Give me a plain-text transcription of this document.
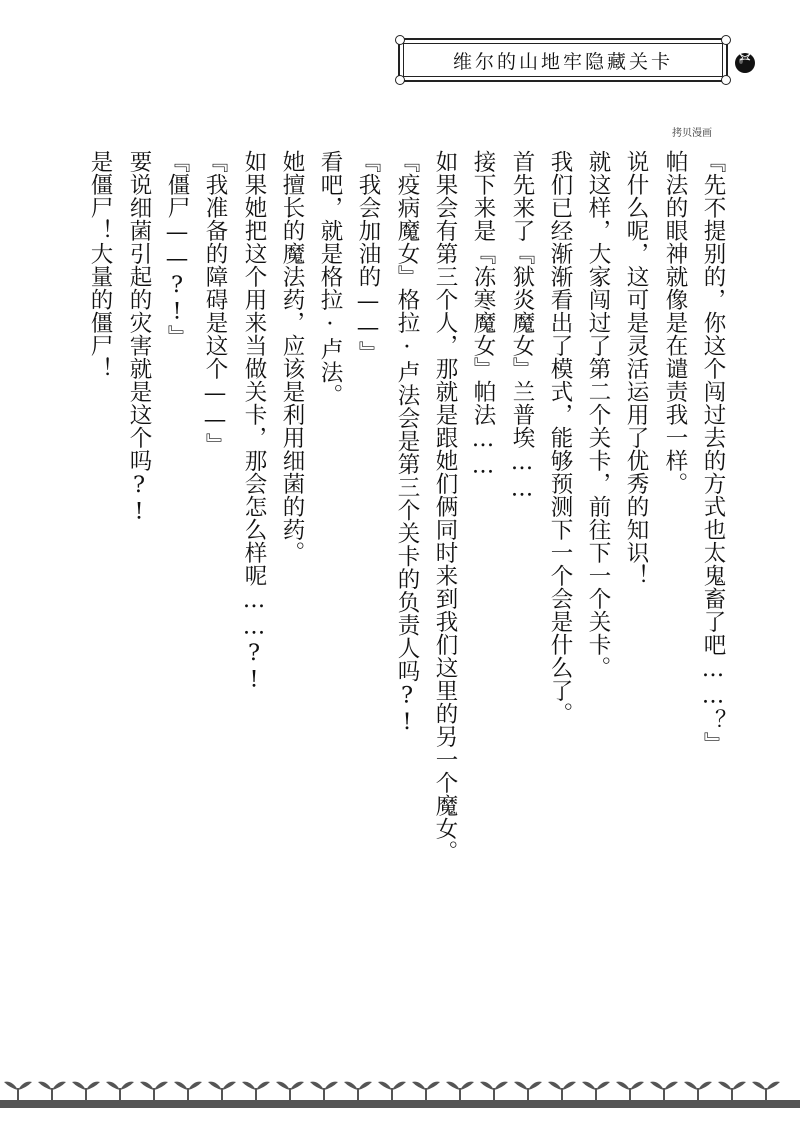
维尔的山地牢隐藏关卡
拷贝漫画
『先不提别的，你这个闯过去的方式也太鬼畜了吧……？』
帕法的眼神就像是在谴责我一样。
说什么呢，这可是灵活运用了优秀的知识！
就这样，大家闯过了第二个关卡，前往下一个关卡。
我们已经渐渐看出了模式，能够预测下一个会是什么了。
首先来了『狱炎魔女』兰普埃……
接下来是『冻寒魔女』帕法……
如果会有第三个人，那就是跟她们俩同时来到我们这里的另一个魔女。
『疫病魔女』格拉·卢法会是第三个关卡的负责人吗?!
『我会加油的——』
看吧，就是格拉·卢法。
她擅长的魔法药，应该是利用细菌的药。
如果她把这个用来当做关卡，那会怎么样呢……?!
『我准备的障碍是这个——』
『僵尸——?!』
要说细菌引起的灾害就是这个吗?!
是僵尸！大量的僵尸！
